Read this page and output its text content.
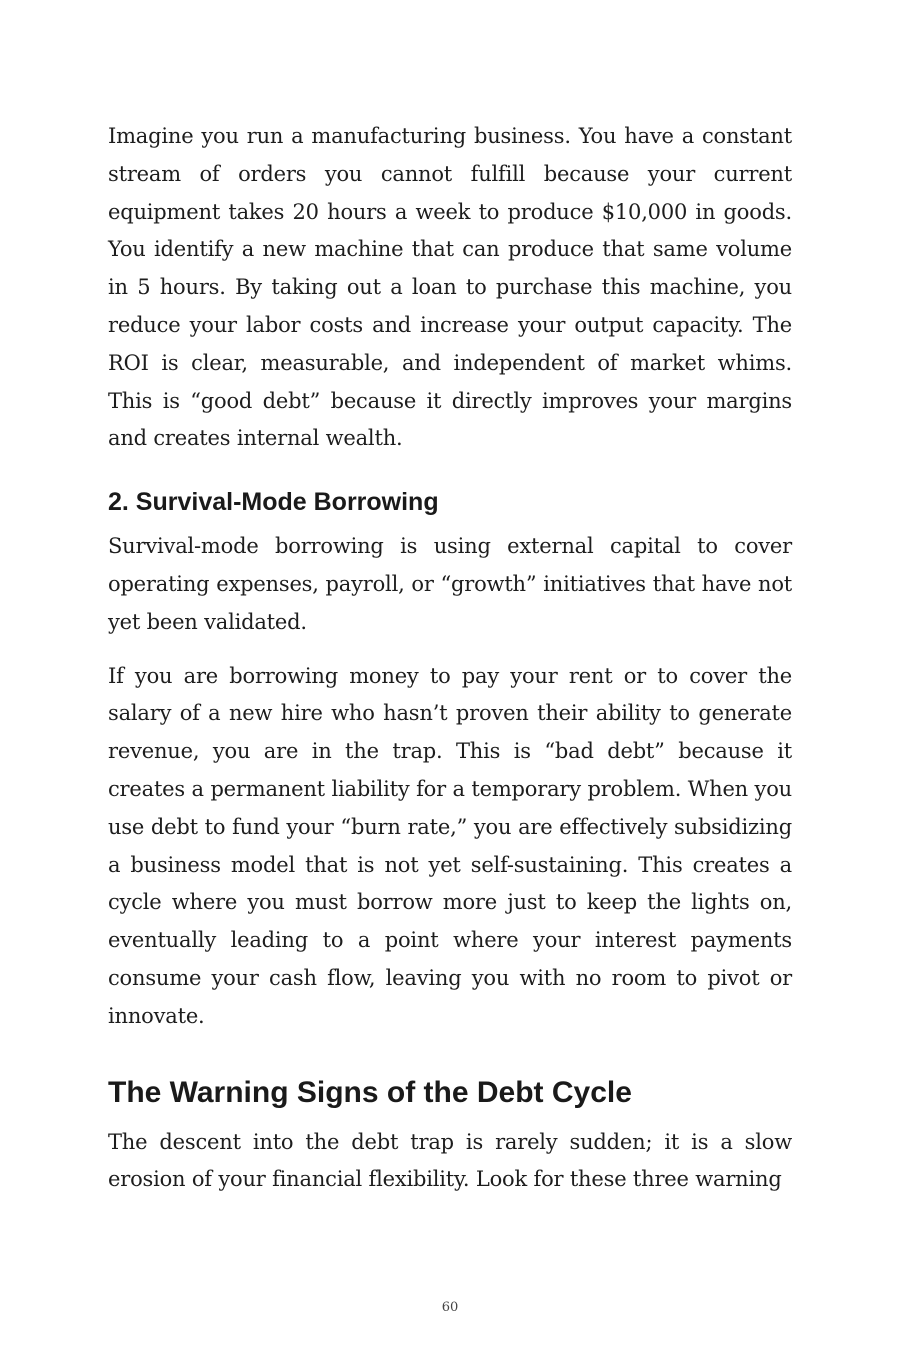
Imagine you run a manufacturing business. You have a constant stream of orders you cannot fulfill because your current equipment takes 20 hours a week to produce $10,000 in goods. You identify a new machine that can produce that same volume in 5 hours. By taking out a loan to purchase this machine, you reduce your labor costs and increase your output capacity. The ROI is clear, measurable, and independent of market whims. This is “good debt” because it directly improves your margins and creates internal wealth.

2. Survival-Mode Borrowing

Survival-mode borrowing is using external capital to cover operating expenses, payroll, or “growth” initiatives that have not yet been validated.

If you are borrowing money to pay your rent or to cover the salary of a new hire who hasn’t proven their ability to generate revenue, you are in the trap. This is “bad debt” because it creates a permanent liability for a temporary problem. When you use debt to fund your “burn rate,” you are effectively subsidizing a business model that is not yet self-sustaining. This creates a cycle where you must borrow more just to keep the lights on, eventually leading to a point where your interest payments consume your cash flow, leaving you with no room to pivot or innovate.

The Warning Signs of the Debt Cycle

The descent into the debt trap is rarely sudden; it is a slow erosion of your financial flexibility. Look for these three warning

60
